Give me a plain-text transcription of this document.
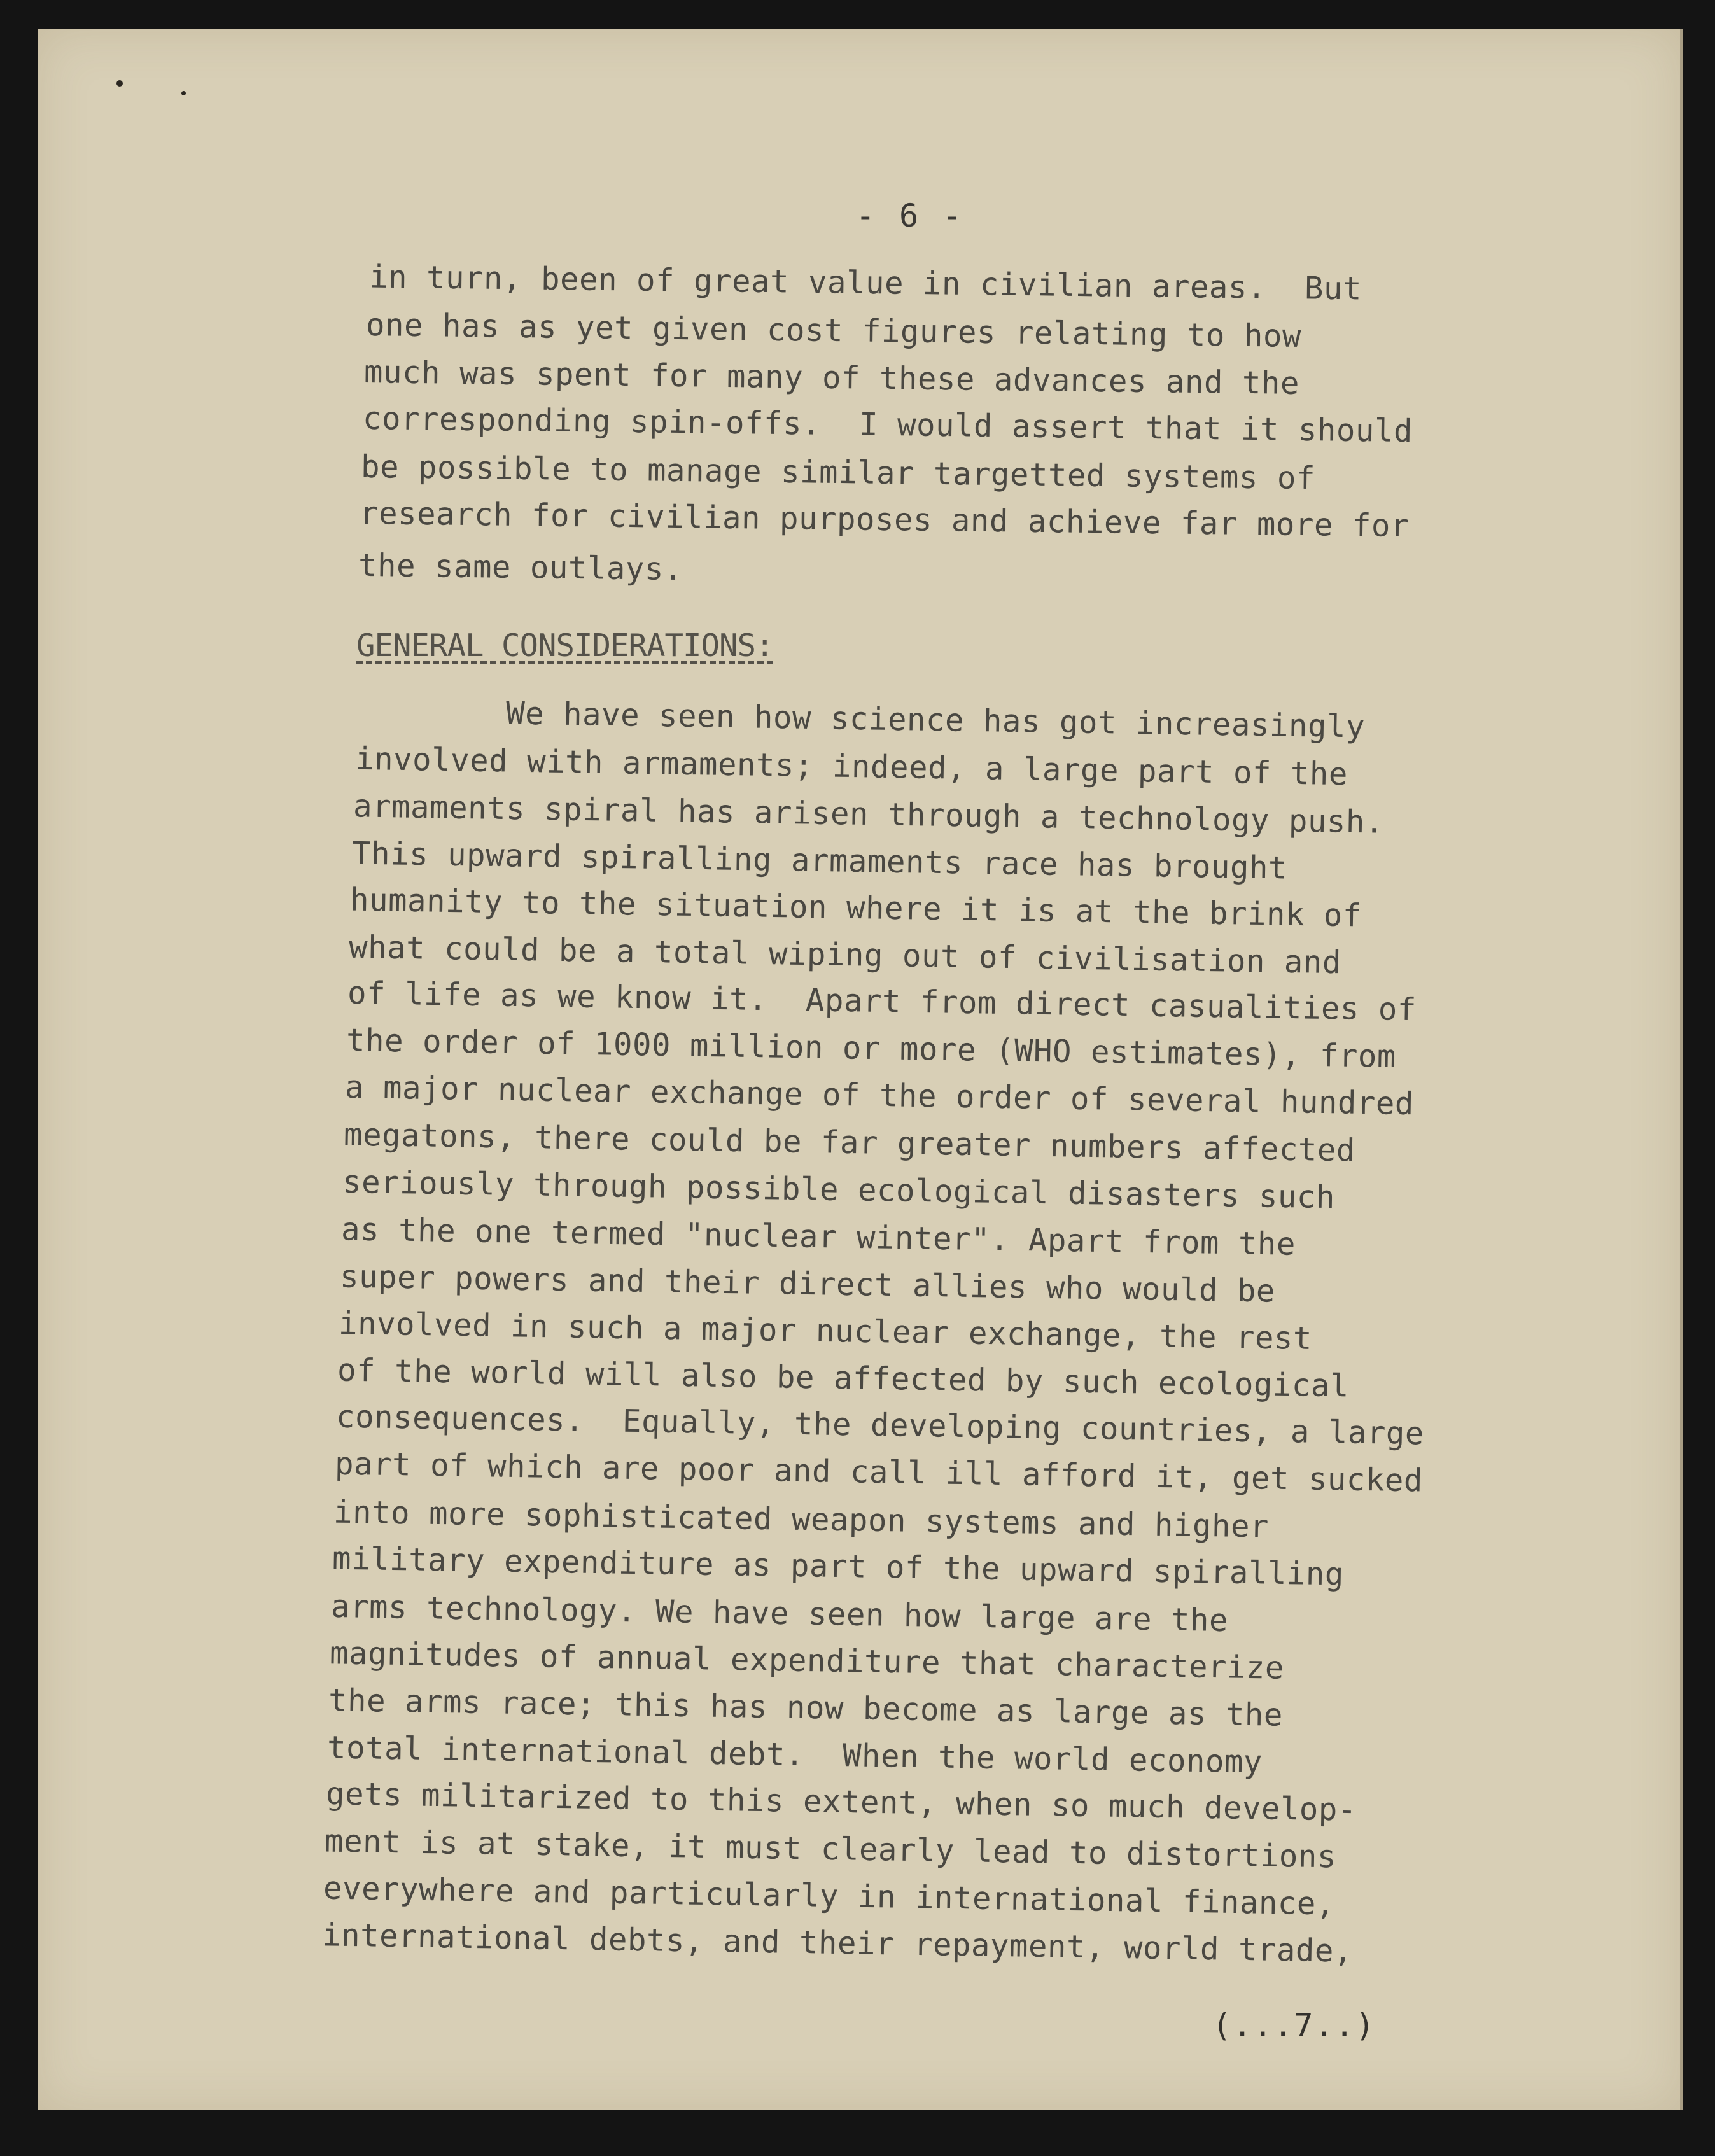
- 6 -
in turn, been of great value in civilian areas.  But
one has as yet given cost figures relating to how
much was spent for many of these advances and the
corresponding spin-offs.  I would assert that it should
be possible to manage similar targetted systems of
research for civilian purposes and achieve far more for
the same outlays.
GENERAL CONSIDERATIONS:
We have seen how science has got increasingly
involved with armaments; indeed, a large part of the
armaments spiral has arisen through a technology push.
This upward spiralling armaments race has brought
humanity to the situation where it is at the brink of
what could be a total wiping out of civilisation and
of life as we know it.  Apart from direct casualities of
the order of 1000 million or more (WHO estimates), from
a major nuclear exchange of the order of several hundred
megatons, there could be far greater numbers affected
seriously through possible ecological disasters such
as the one termed "nuclear winter". Apart from the
super powers and their direct allies who would be
involved in such a major nuclear exchange, the rest
of the world will also be affected by such ecological
consequences.  Equally, the developing countries, a large
part of which are poor and call ill afford it, get sucked
into more sophisticated weapon systems and higher
military expenditure as part of the upward spiralling
arms technology. We have seen how large are the
magnitudes of annual expenditure that characterize
the arms race; this has now become as large as the
total international debt.  When the world economy
gets militarized to this extent, when so much develop-
ment is at stake, it must clearly lead to distortions
everywhere and particularly in international finance,
international debts, and their repayment, world trade,
(...7..)
